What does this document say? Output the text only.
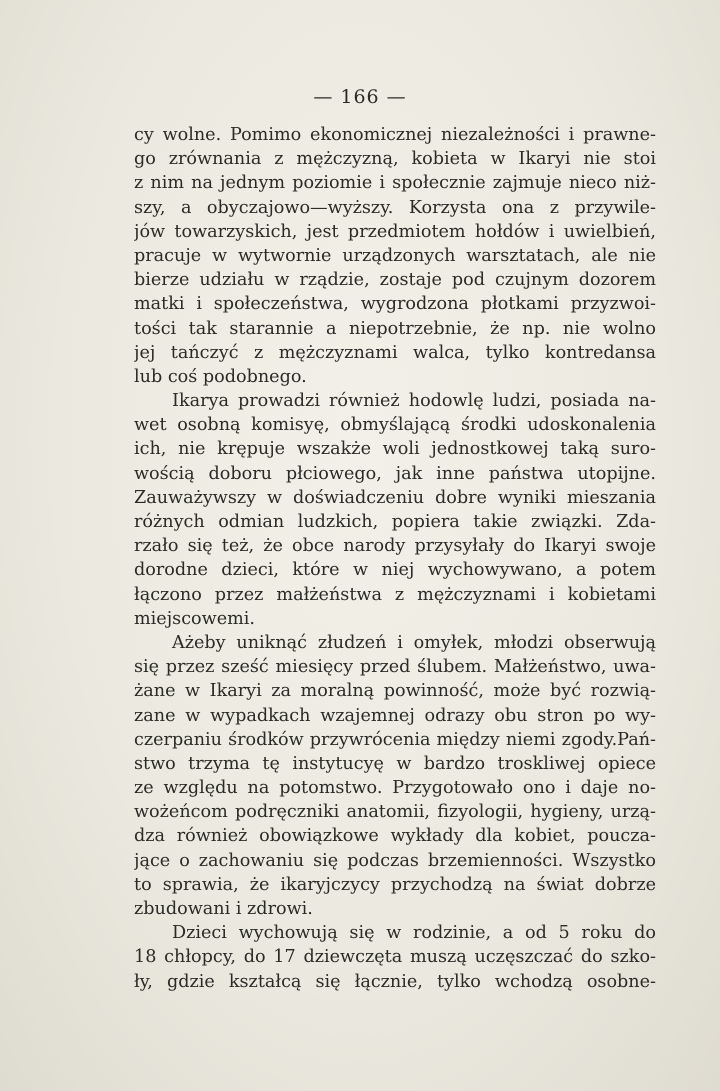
— 166 —
cy wolne. Pomimo ekonomicznej niezależności i prawne-
go zrównania z mężczyzną, kobieta w Ikaryi nie stoi
z nim na jednym poziomie i społecznie zajmuje nieco niż-
szy, a obyczajowo—wyższy. Korzysta ona z przywile-
jów towarzyskich, jest przedmiotem hołdów i uwielbień,
pracuje w wytwornie urządzonych warsztatach, ale nie
bierze udziału w rządzie, zostaje pod czujnym dozorem
matki i społeczeństwa, wygrodzona płotkami przyzwoi-
tości tak starannie a niepotrzebnie, że np. nie wolno
jej tańczyć z mężczyznami walca, tylko kontredansa
lub coś podobnego.
Ikarya prowadzi również hodowlę ludzi, posiada na-
wet osobną komisyę, obmyślającą środki udoskonalenia
ich, nie krępuje wszakże woli jednostkowej taką suro-
wością doboru płciowego, jak inne państwa utopijne.
Zauważywszy w doświadczeniu dobre wyniki mieszania
różnych odmian ludzkich, popiera takie związki. Zda-
rzało się też, że obce narody przysyłały do Ikaryi swoje
dorodne dzieci, które w niej wychowywano, a potem
łączono przez małżeństwa z mężczyznami i kobietami
miejscowemi.
Ażeby uniknąć złudzeń i omyłek, młodzi obserwują
się przez sześć miesięcy przed ślubem. Małżeństwo, uwa-
żane w Ikaryi za moralną powinność, może być rozwią-
zane w wypadkach wzajemnej odrazy obu stron po wy-
czerpaniu środków przywrócenia między niemi zgody.Pań-
stwo trzyma tę instytucyę w bardzo troskliwej opiece
ze względu na potomstwo. Przygotowało ono i daje no-
wożeńcom podręczniki anatomii, fizyologii, hygieny, urzą-
dza również obowiązkowe wykłady dla kobiet, poucza-
jące o zachowaniu się podczas brzemienności. Wszystko
to sprawia, że ikaryjczycy przychodzą na świat dobrze
zbudowani i zdrowi.
Dzieci wychowują się w rodzinie, a od 5 roku do
18 chłopcy, do 17 dziewczęta muszą uczęszczać do szko-
ły, gdzie kształcą się łącznie, tylko wchodzą osobne-
